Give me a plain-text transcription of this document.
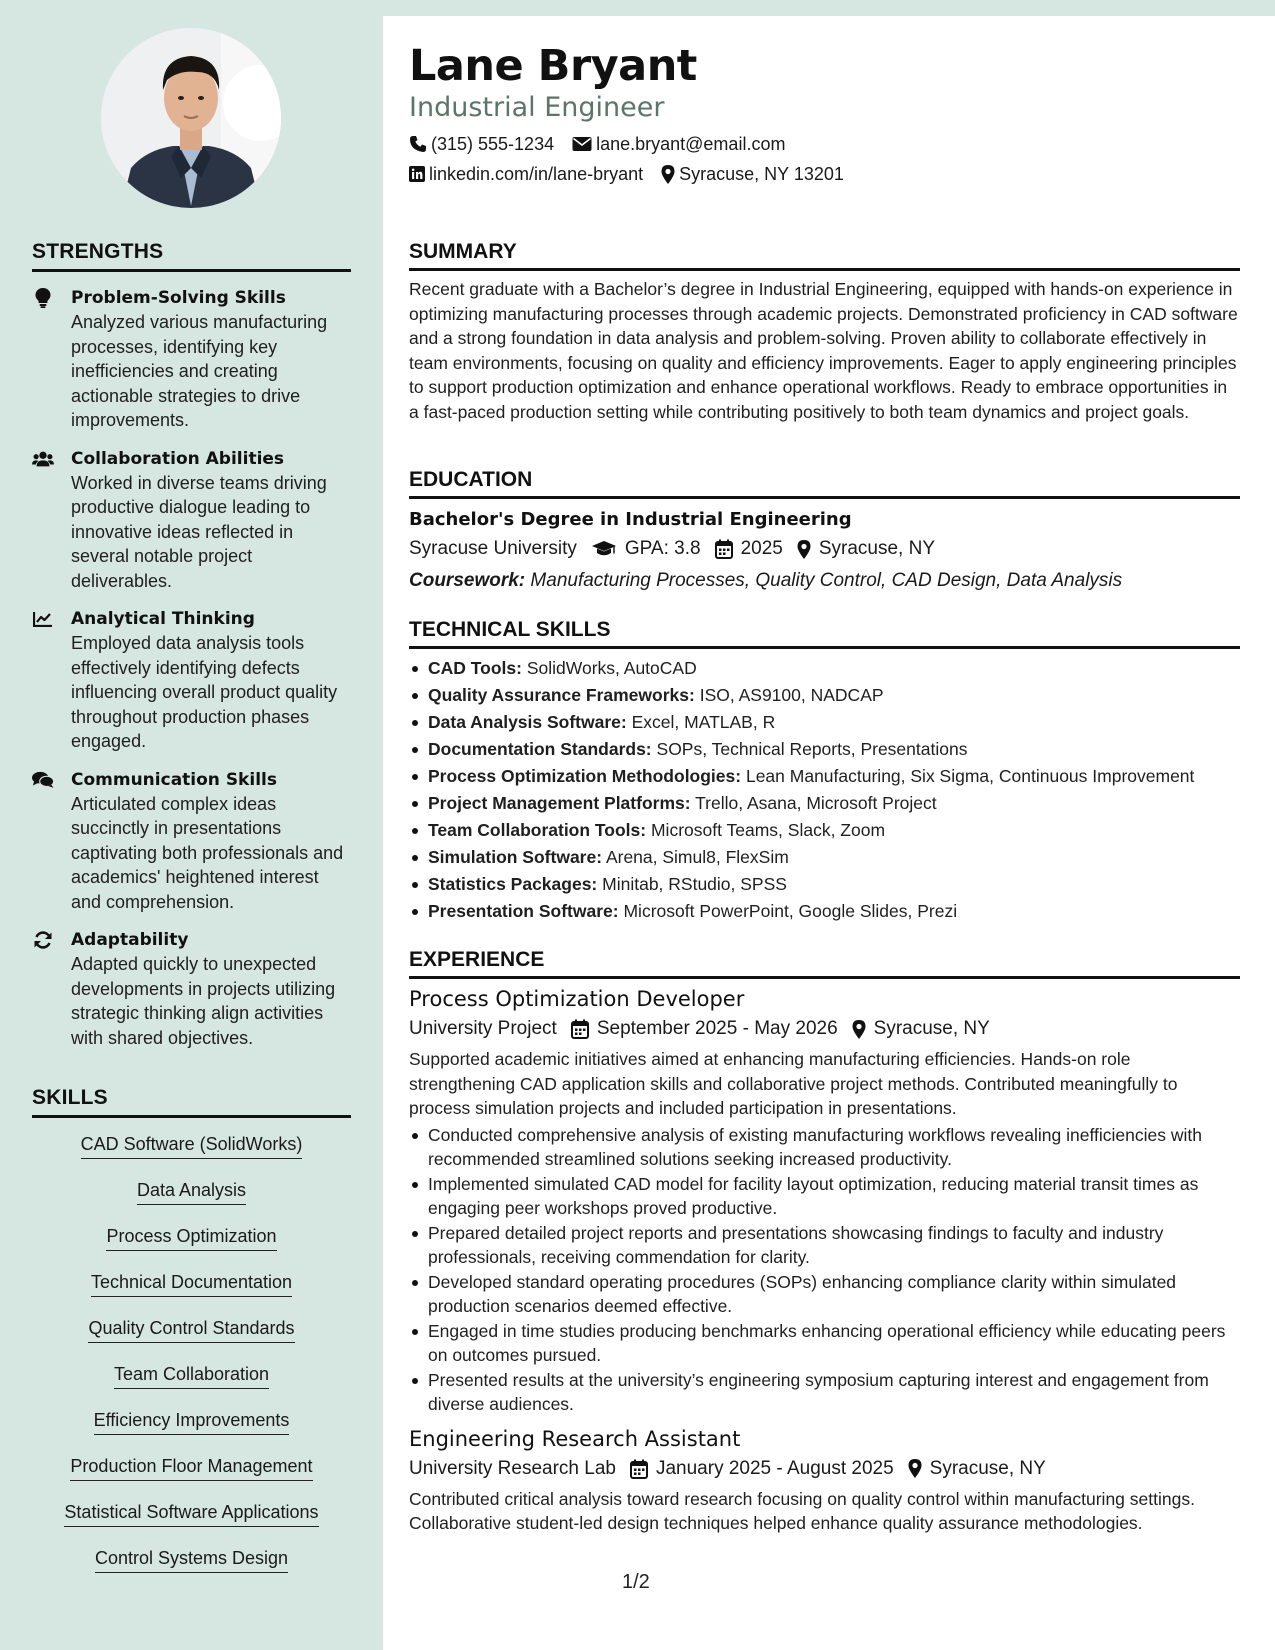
STRENGTHS
Problem-Solving Skills
Analyzed various manufacturing processes, identifying key inefficiencies and creating actionable strategies to drive improvements.
Collaboration Abilities
Worked in diverse teams driving productive dialogue leading to innovative ideas reflected in several notable project deliverables.
Analytical Thinking
Employed data analysis tools effectively identifying defects influencing overall product quality throughout production phases engaged.
Communication Skills
Articulated complex ideas succinctly in presentations captivating both professionals and academics' heightened interest and comprehension.
Adaptability
Adapted quickly to unexpected developments in projects utilizing strategic thinking align activities with shared objectives.
SKILLS
CAD Software (SolidWorks)
Data Analysis
Process Optimization
Technical Documentation
Quality Control Standards
Team Collaboration
Efficiency Improvements
Production Floor Management
Statistical Software Applications
Control Systems Design
Lane Bryant
Industrial Engineer
(315) 555-1234 lane.bryant@email.com
linkedin.com/in/lane-bryant Syracuse, NY 13201
SUMMARY
Recent graduate with a Bachelor’s degree in Industrial Engineering, equipped with hands-on experience in optimizing manufacturing processes through academic projects. Demonstrated proficiency in CAD software and a strong foundation in data analysis and problem-solving. Proven ability to collaborate effectively in team environments, focusing on quality and efficiency improvements. Eager to apply engineering principles to support production optimization and enhance operational workflows. Ready to embrace opportunities in a fast-paced production setting while contributing positively to both team dynamics and project goals.
EDUCATION
Bachelor's Degree in Industrial Engineering
Syracuse University	GPA: 3.8 2025 Syracuse, NY
Coursework: Manufacturing Processes, Quality Control, CAD Design, Data Analysis
TECHNICAL SKILLS
CAD Tools: SolidWorks, AutoCAD
Quality Assurance Frameworks: ISO, AS9100, NADCAP
Data Analysis Software: Excel, MATLAB, R
Documentation Standards: SOPs, Technical Reports, Presentations
Process Optimization Methodologies: Lean Manufacturing, Six Sigma, Continuous Improvement
Project Management Platforms: Trello, Asana, Microsoft Project
Team Collaboration Tools: Microsoft Teams, Slack, Zoom
Simulation Software: Arena, Simul8, FlexSim
Statistics Packages: Minitab, RStudio, SPSS
Presentation Software: Microsoft PowerPoint, Google Slides, Prezi
EXPERIENCE
Process Optimization Developer
University Project September 2025 - May 2026 Syracuse, NY
Supported academic initiatives aimed at enhancing manufacturing efficiencies. Hands-on role strengthening CAD application skills and collaborative project methods. Contributed meaningfully to process simulation projects and included participation in presentations.
Conducted comprehensive analysis of existing manufacturing workflows revealing inefficiencies with recommended streamlined solutions seeking increased productivity.
Implemented simulated CAD model for facility layout optimization, reducing material transit times as engaging peer workshops proved productive.
Prepared detailed project reports and presentations showcasing findings to faculty and industry professionals, receiving commendation for clarity.
Developed standard operating procedures (SOPs) enhancing compliance clarity within simulated production scenarios deemed effective.
Engaged in time studies producing benchmarks enhancing operational efficiency while educating peers on outcomes pursued.
Presented results at the university’s engineering symposium capturing interest and engagement from diverse audiences.
Engineering Research Assistant
University Research Lab January 2025 - August 2025 Syracuse, NY
Contributed critical analysis toward research focusing on quality control within manufacturing settings. Collaborative student-led design techniques helped enhance quality assurance methodologies.
1/2
